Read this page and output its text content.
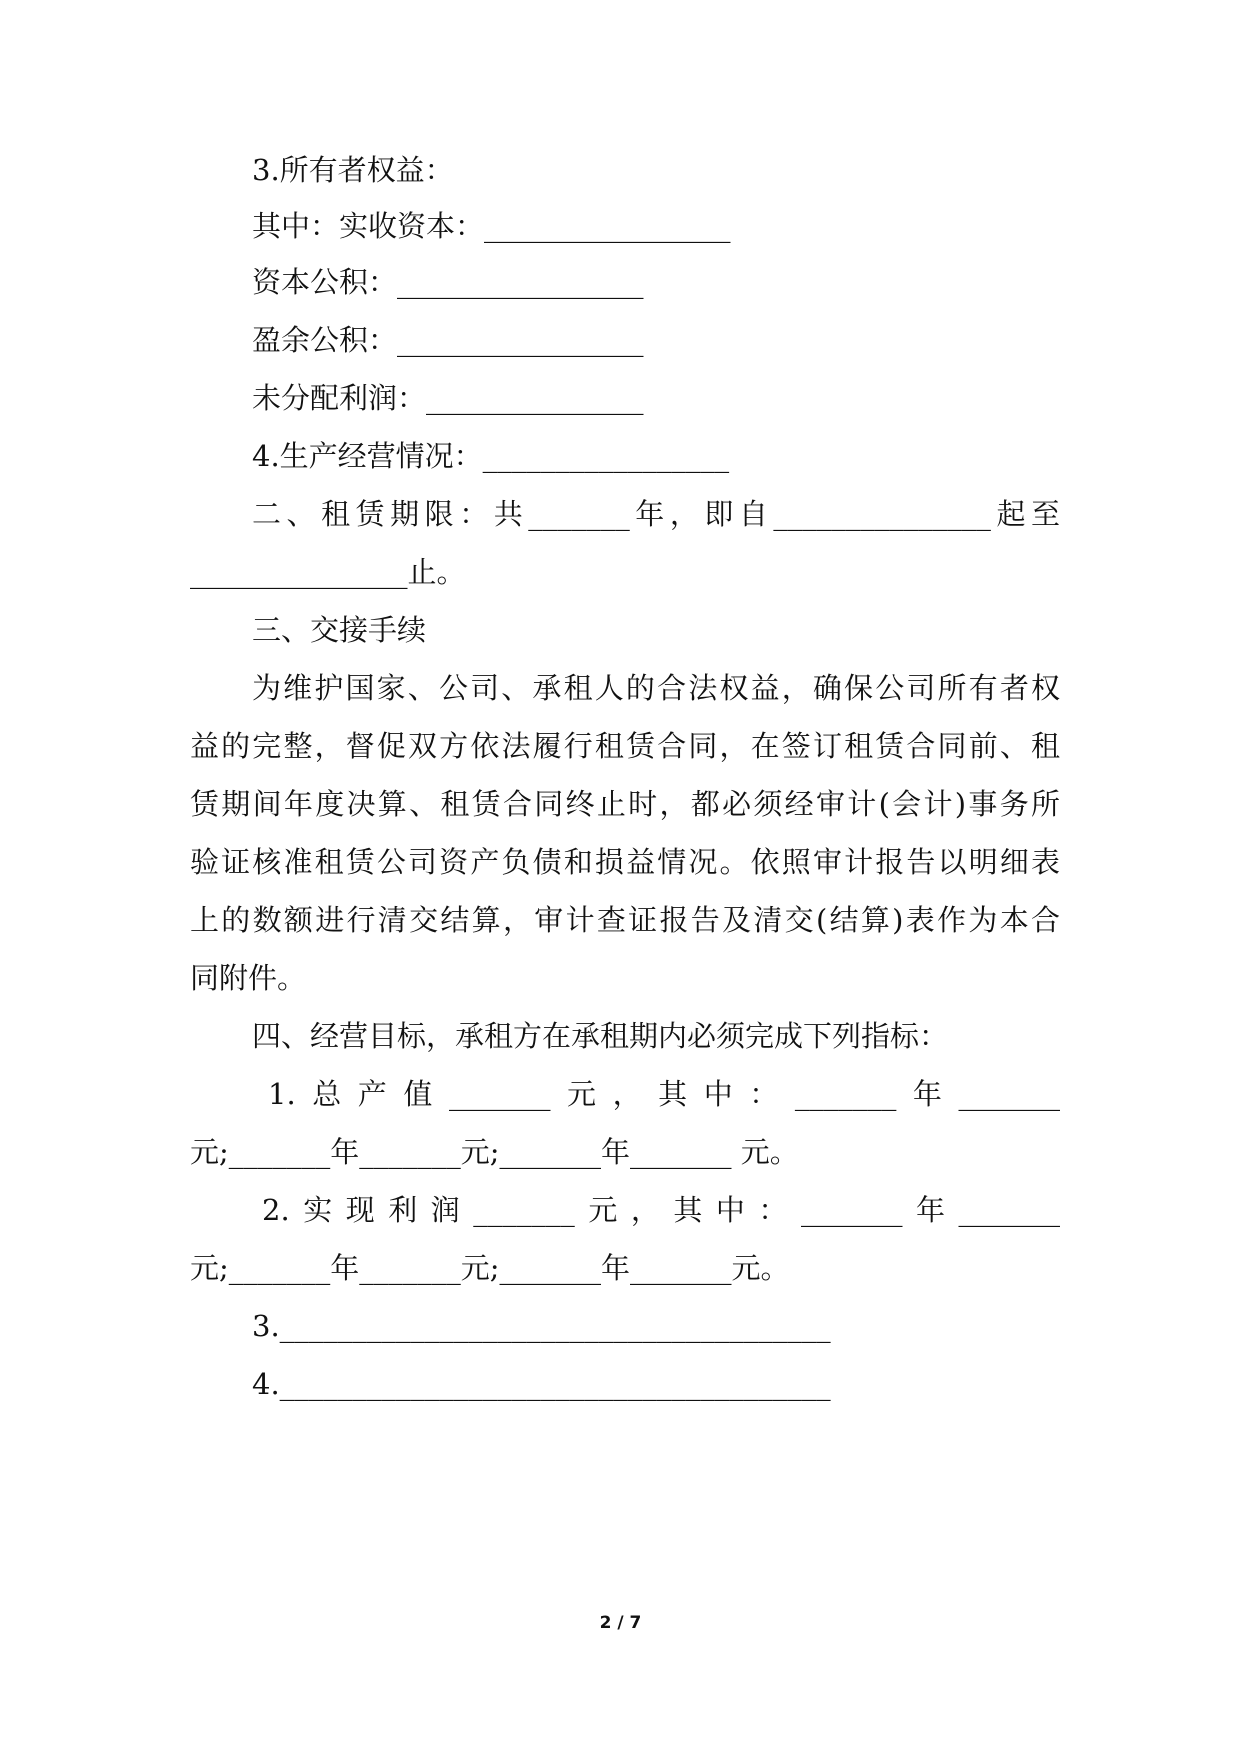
3.所有者权益：
其中：实收资本：_________________
资本公积：_________________
盈余公积：_________________
未分配利润：_______________
4.生产经营情况：_________________
二、租赁期限：共_______年，即自_______________起至
_______________止。
三、交接手续
为维护国家、公司、承租人的合法权益，确保公司所有者权
益的完整，督促双方依法履行租赁合同，在签订租赁合同前、租
赁期间年度决算、租赁合同终止时，都必须经审计(会计)事务所
验证核准租赁公司资产负债和损益情况。依照审计报告以明细表
上的数额进行清交结算，审计查证报告及清交(结算)表作为本合
同附件。
四、经营目标，承租方在承租期内必须完成下列指标：
1.总产值_______元，其中：_______年_______
元;_______年_______元;_______年_______ 元。
2.实现利润_______元，其中：_______年_______
元;_______年_______元;_______年_______元。
3.______________________________________
4.______________________________________
2 / 7
